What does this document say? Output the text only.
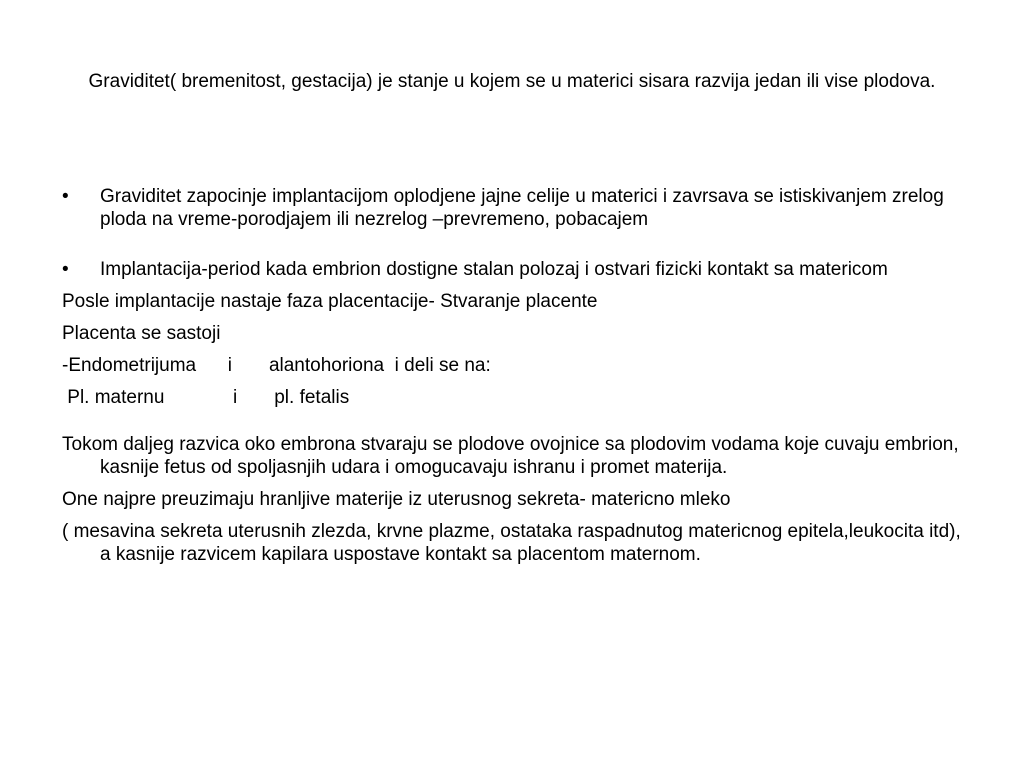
Graviditet( bremenitost, gestacija) je stanje u kojem se u materici sisara razvija jedan ili vise plodova.
• Graviditet zapocinje implantacijom oplodjene jajne celije u materici i zavrsava se istiskivanjem zrelog ploda na vreme-porodjajem ili nezrelog –prevremeno, pobacajem
• Implantacija-period kada embrion dostigne stalan polozaj i ostvari fizicki kontakt sa matericom
Posle implantacije nastaje faza placentacije- Stvaranje placente
Placenta se sastoji
-Endometrijuma      i       alantohoriona  i deli se na:
Pl. maternu             i       pl. fetalis
Tokom daljeg razvica oko embrona stvaraju se plodove ovojnice sa plodovim vodama koje cuvaju embrion, kasnije fetus od spoljasnjih udara i omogucavaju ishranu i promet materija.
One najpre preuzimaju hranljive materije iz uterusnog sekreta- matericno mleko
( mesavina sekreta uterusnih zlezda, krvne plazme, ostataka raspadnutog matericnog epitela,leukocita itd), a kasnije razvicem kapilara uspostave kontakt sa placentom maternom.
